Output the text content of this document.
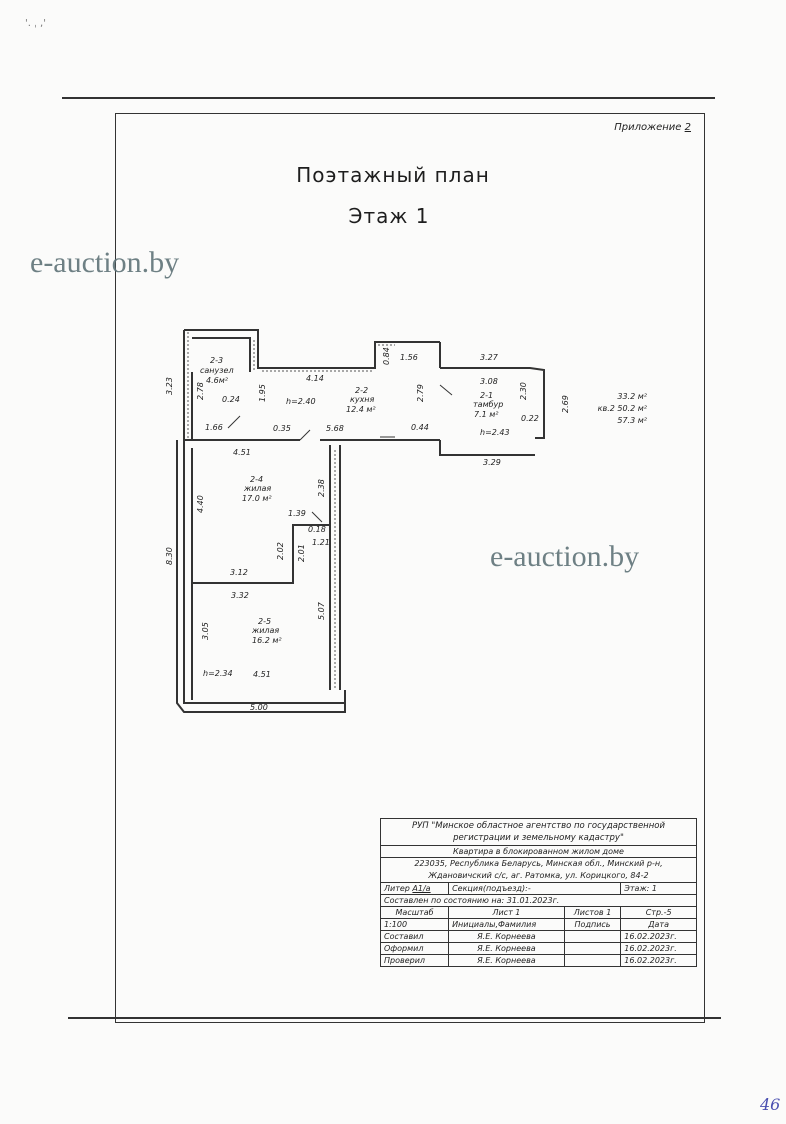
'. ˌ ,'
Приложение 2
Поэтажный план
Этаж 1
e-auction.by
e-auction.by
2-3
санузел
4.6м²
2-2
кухня
12.4 м²
2-1
тамбур
7.1 м²
2-4
жилая
17.0 м²
2-5
жилая
16.2 м²
h=2.40
h=2.43
h=2.34
3.23	2.78 0.24 1.95
1.66	0.35
4.14
0.84 1.56	3.27
3.08
2.79	2.30
2.69
0.22
0.44
5.68
4.51
3.29
4.40
2.38
1.39
0.18
1.21
8.30	2.02 2.01
3.12
3.32
3.05
5.07
4.51
5.00
33.2 м²
кв.2 50.2 м²
57.3 м²
РУП "Минское областное агентство по государственной
регистрации и земельному кадастру"			

Квартира в блокированном жилом доме			

223035, Республика Беларусь, Минская обл., Минский р-н,
Ждановичский с/с, аг. Ратомка, ул. Корицкого, 84-2			

Литер А1/а	Секция(подъезд):-		Этаж: 1
Составлен по состоянию на: 31.01.2023г.			
Масштаб	Лист 1	Листов 1	Стр.-5
1:100	Инициалы,Фамилия	Подпись	Дата
Составил	Я.Е. Корнеева		16.02.2023г.
Оформил	Я.Е. Корнеева		16.02.2023г.
Проверил	Я.Е. Корнеева		16.02.2023г.
46
